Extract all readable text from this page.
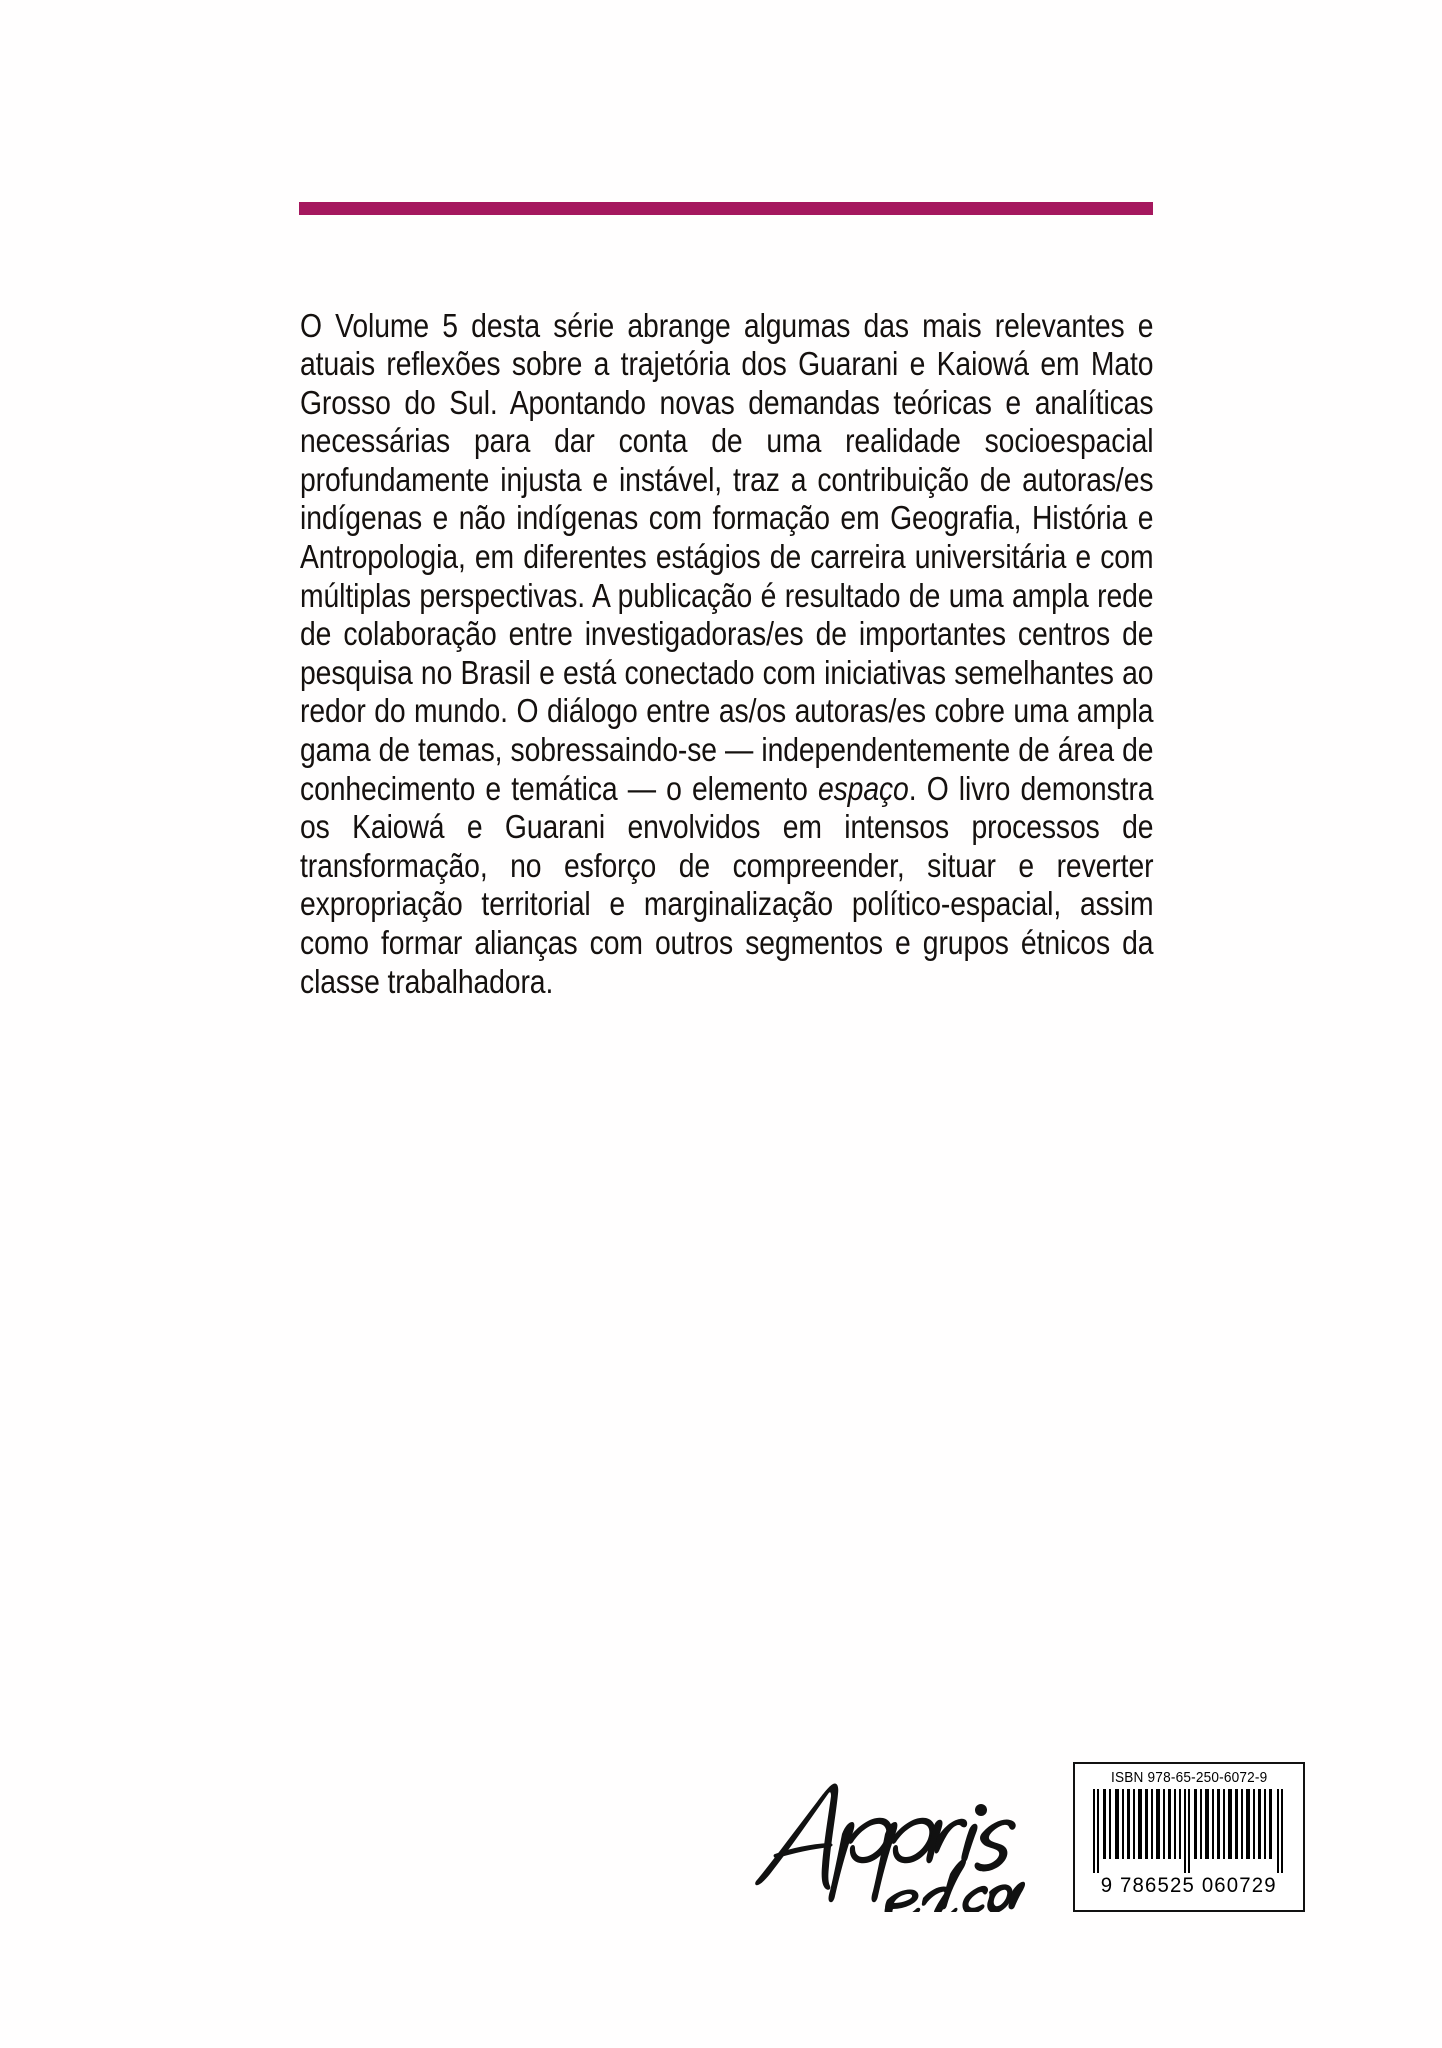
O Volume 5 desta série abrange algumas das mais relevantes e atuais reflexões sobre a trajetória dos Guarani e Kaiowá em Mato Grosso do Sul. Apontando novas demandas teóricas e analíticas necessárias para dar conta de uma realidade socioespacial profundamente injusta e instável, traz a contribuição de autoras/es indígenas e não indígenas com formação em Geografia, História e Antropologia, em diferentes estágios de carreira universitária e com múltiplas perspectivas. A publicação é resultado de uma ampla rede de colaboração entre investigadoras/es de importantes centros de pesquisa no Brasil e está conectado com iniciativas semelhantes ao redor do mundo. O diálogo entre as/os autoras/es cobre uma ampla gama de temas, sobressaindo-se — independentemente de área de conhecimento e temática — o elemento espaço. O livro demonstra os Kaiowá e Guarani envolvidos em intensos processos de transformação, no esforço de compreender, situar e reverter expropriação territorial e marginalização político-espacial, assim como formar alianças com outros segmentos e grupos étnicos da classe trabalhadora.

ISBN 978-65-250-6072-9
9 786525 060729
